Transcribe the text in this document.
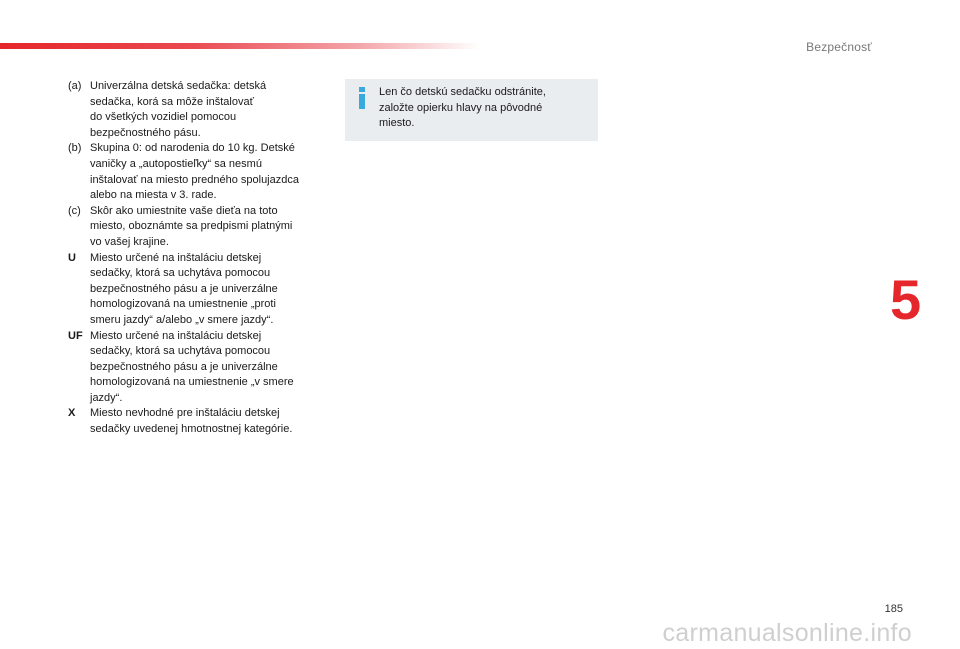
Bezpečnosť
5
(a) Univerzálna detská sedačka: detská
sedačka, korá sa môže inštalovať
do všetkých vozidiel pomocou
bezpečnostného pásu.
(b) Skupina 0: od narodenia do 10 kg. Detské
vaničky a „autopostieľky“ sa nesmú
inštalovať na miesto predného spolujazdca
alebo na miesta v 3. rade.
(c) Skôr ako umiestnite vaše dieťa na toto
miesto, oboznámte sa predpismi platnými
vo vašej krajine.
U	Miesto určené na inštaláciu detskej
sedačky, ktorá sa uchytáva pomocou
bezpečnostného pásu a je univerzálne
homologizovaná na umiestnenie „proti
smeru jazdy“ a/alebo „v smere jazdy“.
UF Miesto určené na inštaláciu detskej
sedačky, ktorá sa uchytáva pomocou
bezpečnostného pásu a je univerzálne
homologizovaná na umiestnenie „v smere
jazdy“.
X	Miesto nevhodné pre inštaláciu detskej
sedačky uvedenej hmotnostnej kategórie.
Len čo detskú sedačku odstránite,
založte opierku hlavy na pôvodné
miesto.
185
carmanualsonline.info
